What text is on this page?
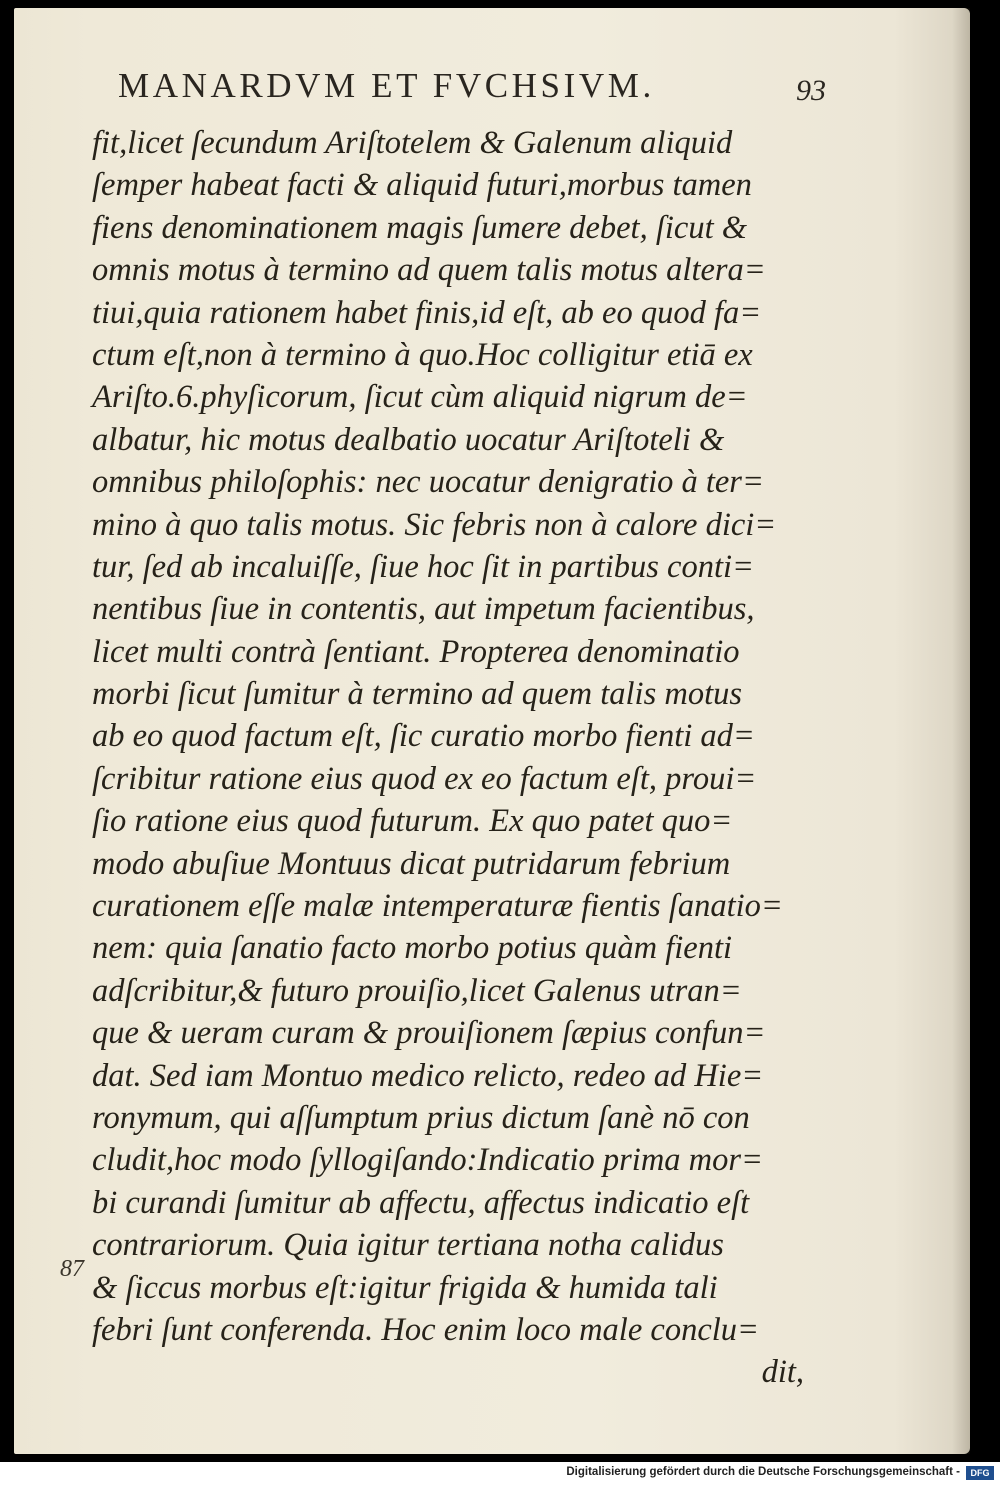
MANARDVM ET FVCHSIVM.	93
fit,licet ſecundum Ariſtotelem & Galenum aliquid
ſemper habeat facti & aliquid futuri,morbus tamen
fiens denominationem magis ſumere debet, ſicut &
omnis motus à termino ad quem talis motus altera=
tiui,quia rationem habet finis,id eſt, ab eo quod fa=
ctum eſt,non à termino à quo.Hoc colligitur etiā ex
Ariſto.6.phyſicorum, ſicut cùm aliquid nigrum de=
albatur, hic motus dealbatio uocatur Ariſtoteli &
omnibus philoſophis: nec uocatur denigratio à ter=
mino à quo talis motus. Sic febris non à calore dici=
tur, ſed ab incaluiſſe, ſiue hoc ſit in partibus conti=
nentibus ſiue in contentis, aut impetum facientibus,
licet multi contrà ſentiant. Propterea denominatio
morbi ſicut ſumitur à termino ad quem talis motus
ab eo quod factum eſt, ſic curatio morbo fienti ad=
ſcribitur ratione eius quod ex eo factum eſt, proui=
ſio ratione eius quod futurum. Ex quo patet quo=
modo abuſiue Montuus dicat putridarum febrium
curationem eſſe malæ intemperaturæ fientis ſanatio=
nem: quia ſanatio facto morbo potius quàm fienti
adſcribitur,& futuro prouiſio,licet Galenus utran=
que & ueram curam & prouiſionem ſæpius confun=
dat. Sed iam Montuo medico relicto, redeo ad Hie=
ronymum, qui aſſumptum prius dictum ſanè nō con
cludit,hoc modo ſyllogiſando:Indicatio prima mor=
bi curandi ſumitur ab affectu, affectus indicatio eſt
contrariorum. Quia igitur tertiana notha calidus
& ſiccus morbus eſt:igitur frigida & humida tali
febri ſunt conferenda. Hoc enim loco male conclu=
dit,
87
Digitalisierung gefördert durch die Deutsche Forschungsgemeinschaft -	DFG
